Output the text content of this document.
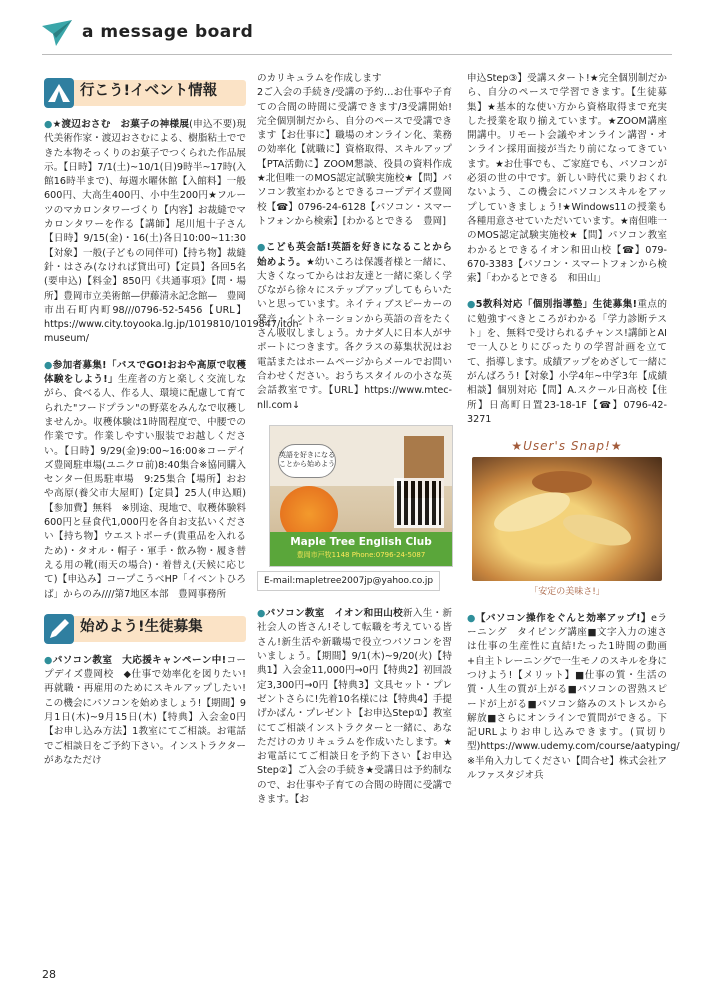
a message board
行こう!イベント情報

●★渡辺おさむ　お菓子の神様展(申込不要)現代美術作家・渡辺おさむによる、樹脂粘土でできた本物そっくりのお菓子でつくられた作品展示。【日時】7/1(土)~10/1(日)9時半~17時(入館16時半まで)、毎週水曜休館【入館料】一般600円、大高生400円、小中生200円★フルーツのマカロンタワーづくり【内容】お裁縫でマカロンタワーを作る【講師】尾川旭十子さん【日時】9/15(金)・16(土)各日10:00~11:30【対象】一般(子どもの同伴可)【持ち物】裁縫針・はさみ(なければ貸出可)【定員】各回5名(要申込)【料金】850円《共通事項》【問・場所】豊岡市立美術館—伊藤清永記念館—　豊岡市出石町内町98///0796-52-5456【URL】https://www.city.toyooka.lg.jp/1019810/1019847/itoh-museum/

●参加者募集!「バスでGO!おおや高原で収穫体験をしよう!」生産者の方と楽しく交流しながら、食べる人、作る人、環境に配慮して育てられた"フードプラン"の野菜をみんなで収穫しませんか。収穫体験は1時間程度で、中腰での作業です。作業しやすい服装でお越しください。【日時】9/29(金)9:00~16:00※コーデイズ豊岡駐車場(ユニクロ前)8:40集合※協同購入センター但馬駐車場　9:25集合【場所】おおや高原(養父市大屋町)【定員】25人(申込順)【参加費】無料　※別途、現地で、収穫体験料600円と昼食代1,000円を各自お支払いください【持ち物】ウエストポーチ(貴重品を入れるため)・タオル・帽子・軍手・飲み物・履き替える用の靴(雨天の場合)・着替え(天候に応じて)【申込み】コープこうべHP「イベントひろば」からのみ////第7地区本部　豊岡事務所

始めよう!生徒募集

●パソコン教室　大応援キャンペーン中!コープデイズ豊岡校　◆仕事で効率化を図りたい!再就職・再雇用のためにスキルアップしたい!この機会にパソコンを始めましょう!【期間】9月1日(木)~9月15日(木)【特典】入会金0円【お申し込み方法】1教室にてご相談。お電話でご相談日をご予約下さい。インストラクターがあなただけ

のカリキュラムを作成します
2ご入会の手続き/受講の予約…お仕事や子育ての合間の時間に受講できます/3受講開始!完全個別制だから、自分のペースで受講できます【お仕事に】職場のオンライン化、業務の効率化【就職に】資格取得、スキルアップ【PTA活動に】ZOOM懇談、役員の資料作成★北但唯一のMOS認定試験実施校★【問】パソコン教室わかるとできるコープデイズ豊岡校【☎】0796-24-6128【パソコン・スマートフォンから検索】[わかるとできる　豊岡]

●こども英会話!英語を好きになることから始めよう。★幼いころは保護者様と一緒に、大きくなってからはお友達と一緒に楽しく学びながら徐々にステップアップしてもらいたいと思っています。ネイティブスピーカーの発音・イントネーションから英語の音をたくさん吸収しましょう。カナダ人に日本人がサポートにつきます。各クラスの募集状況はお電話またはホームページからメールでお問い合わせください。おうちスタイルの小さな英会話教室です。【URL】https://www.mtec-nll.com↓

英語を好きになることから始めよう
Maple Tree English Club
豊岡市戸牧1148 Phone:0796-24-5087
E-mail:mapletree2007jp@yahoo.co.jp

●パソコン教室　イオン和田山校新入生・新社会人の皆さん!そして転職を考えている皆さん!新生活や新職場で役立つパソコンを習いましょう。【期間】9/1(木)~9/20(火)【特典1】入会金11,000円→0円【特典2】初回設定3,300円→0円【特典3】文具セット・プレゼントさらに!先着10名様には【特典4】手提げかばん・プレゼント【お申込Step①】教室にてご相談インストラクターと一緒に、あなただけのカリキュラムを作成いたします。★お電話にてご相談日を予約下さい【お申込Step②】ご入会の手続き★受講日は予約制なので、お仕事や子育ての合間の時間に受講できます。【お

申込Step③】受講スタート!★完全個別制だから、自分のペースで学習できます。【生徒募集】★基本的な使い方から資格取得まで充実した授業を取り揃えています。★ZOOM講座開講中。リモート会議やオンライン講習・オンライン採用面接が当たり前になってきています。★お仕事でも、ご家庭でも、パソコンが必須の世の中です。新しい時代に乗りおくれないよう、この機会にパソコンスキルをアップしていきましょう!★Windows11の授業も各種用意させていただいています。★南但唯一のMOS認定試験実施校★【問】パソコン教室わかるとできるイオン和田山校【☎】079-670-3383【パソコン・スマートフォンから検索】「わかるとできる　和田山」

●5教科対応「個別指導塾」生徒募集!重点的に勉強すべきところがわかる「学力診断テスト」を、無料で受けられるチャンス!講師とAIで一人ひとりにぴったりの学習計画を立てて、指導します。成績アップをめざして一緒にがんばろう!【対象】小学4年~中学3年【成績相談】個別対応【問】A.スクール日高校【住所】日高町日置23-18-1F【☎】0796-42-3271

★User's Snap!★
「安定の美味さ!」

●【パソコン操作をぐんと効率アップ!】eラーニング　タイピング講座■文字入力の速さは仕事の生産性に直結!たった1時間の動画+自主トレーニングで一生モノのスキルを身につけよう!【メリット】■仕事の質・生活の質・人生の質が上がる■パソコンの習熟スピードが上がる■パソコン絡みのストレスから解放■さらにオンラインで質問ができる。下記URLよりお申し込みできます。(買切り型)https://www.udemy.com/course/aatyping/※半角入力してください【問合せ】株式会社アルファスタジオ兵

28
